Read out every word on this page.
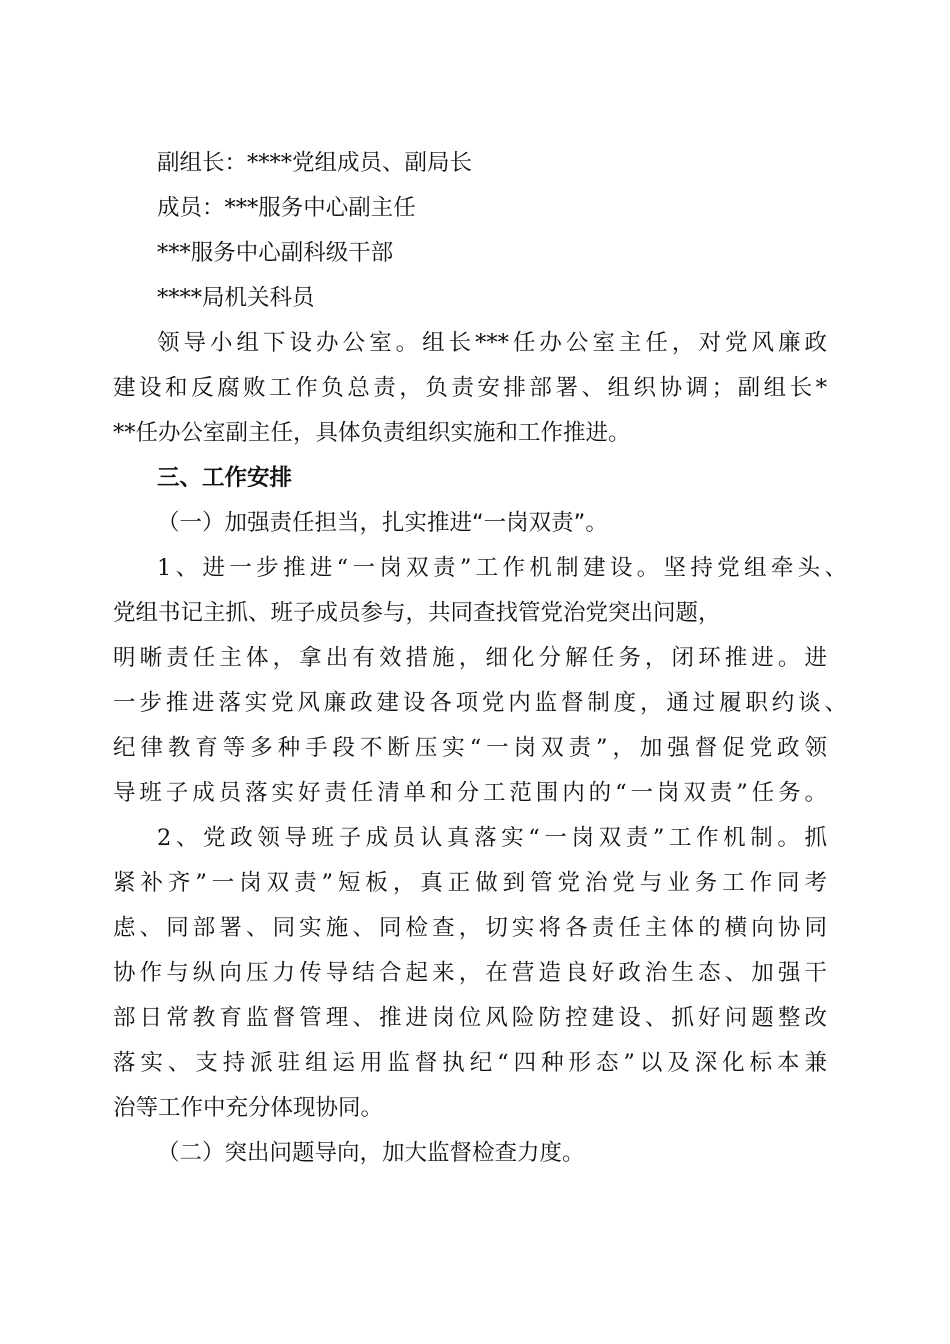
副组长：****党组成员、副局长
成员：***服务中心副主任
***服务中心副科级干部
****局机关科员
领导小组下设办公室。组长***任办公室主任，对党风廉政
建设和反腐败工作负总责，负责安排部署、组织协调；副组长*
**任办公室副主任，具体负责组织实施和工作推进。
三、工作安排
（一）加强责任担当，扎实推进“一岗双责”。
1、进一步推进“一岗双责”工作机制建设。坚持党组牵头、
党组书记主抓、班子成员参与，共同查找管党治党突出问题，
明晰责任主体，拿出有效措施，细化分解任务，闭环推进。进
一步推进落实党风廉政建设各项党内监督制度，通过履职约谈、
纪律教育等多种手段不断压实“一岗双责”，加强督促党政领
导班子成员落实好责任清单和分工范围内的“一岗双责”任务。
2、党政领导班子成员认真落实“一岗双责”工作机制。抓
紧补齐”一岗双责”短板，真正做到管党治党与业务工作同考
虑、同部署、同实施、同检查，切实将各责任主体的横向协同
协作与纵向压力传导结合起来，在营造良好政治生态、加强干
部日常教育监督管理、推进岗位风险防控建设、抓好问题整改
落实、支持派驻组运用监督执纪“四种形态”以及深化标本兼
治等工作中充分体现协同。
（二）突出问题导向，加大监督检查力度。
